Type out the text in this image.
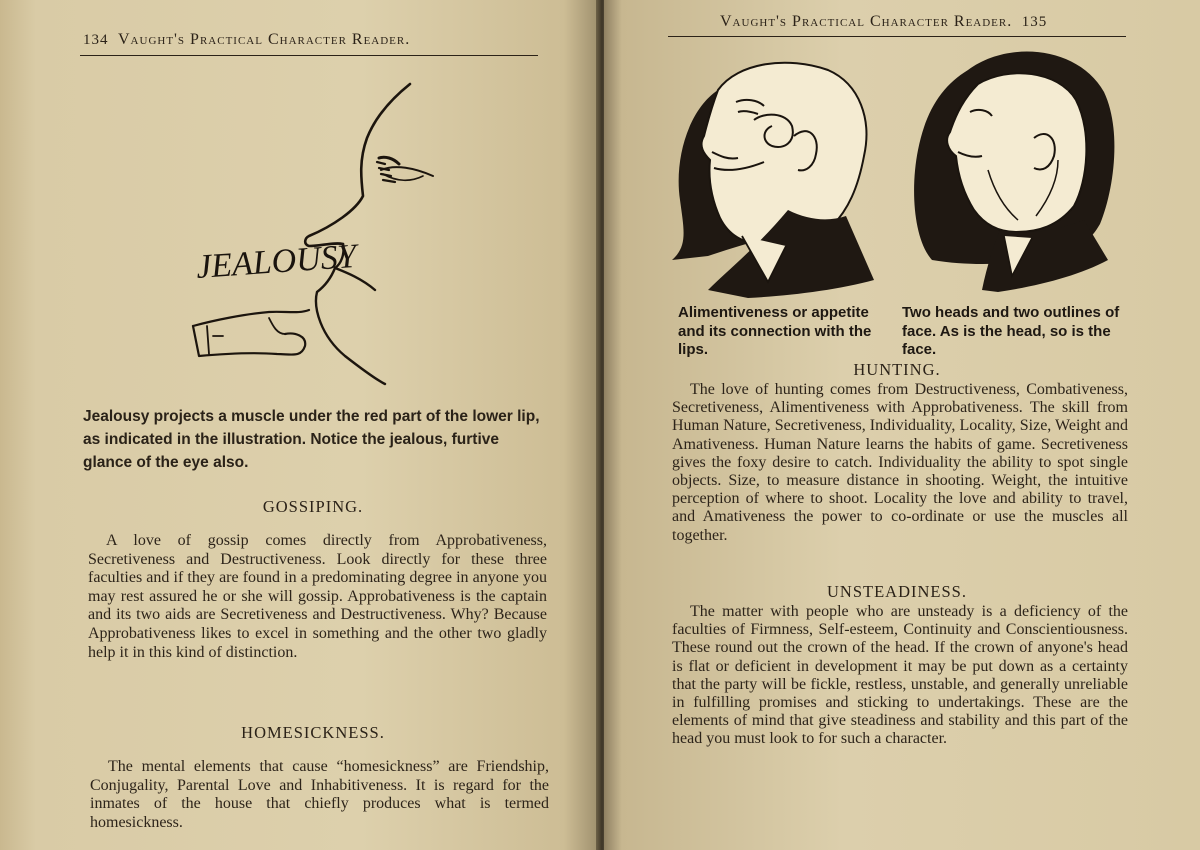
134 Vaught's Practical Character Reader.
JEALOUSY
Jealousy projects a muscle under the red part of the lower lip, as indicated in the illustration. Notice the jealous, furtive glance of the eye also.
GOSSIPING.
A love of gossip comes directly from Approbativeness, Secretiveness and Destructiveness. Look directly for these three faculties and if they are found in a predominating degree in anyone you may rest assured he or she will gossip. Approbativeness is the captain and its two aids are Secretiveness and Destructiveness. Why? Because Approbativeness likes to excel in something and the other two gladly help it in this kind of distinction.
HOMESICKNESS.
The mental elements that cause “homesickness” are Friendship, Conjugality, Parental Love and Inhabitiveness. It is regard for the inmates of the house that chiefly produces what is termed homesickness.
Vaught's Practical Character Reader. 135
Alimentiveness or appetite and its connection with the lips.
Two heads and two outlines of face. As is the head, so is the face.
HUNTING.
The love of hunting comes from Destructiveness, Combativeness, Secretiveness, Alimentiveness with Approbativeness. The skill from Human Nature, Secretiveness, Individuality, Locality, Size, Weight and Amativeness. Human Nature learns the habits of game. Secretiveness gives the foxy desire to catch. Individuality the ability to spot single objects. Size, to measure distance in shooting. Weight, the intuitive perception of where to shoot. Locality the love and ability to travel, and Amativeness the power to co-ordinate or use the muscles all together.
UNSTEADINESS.
The matter with people who are unsteady is a deficiency of the faculties of Firmness, Self-esteem, Continuity and Conscientiousness. These round out the crown of the head. If the crown of anyone's head is flat or deficient in development it may be put down as a certainty that the party will be fickle, restless, unstable, and generally unreliable in fulfilling promises and sticking to undertakings. These are the elements of mind that give steadiness and stability and this part of the head you must look to for such a character.
